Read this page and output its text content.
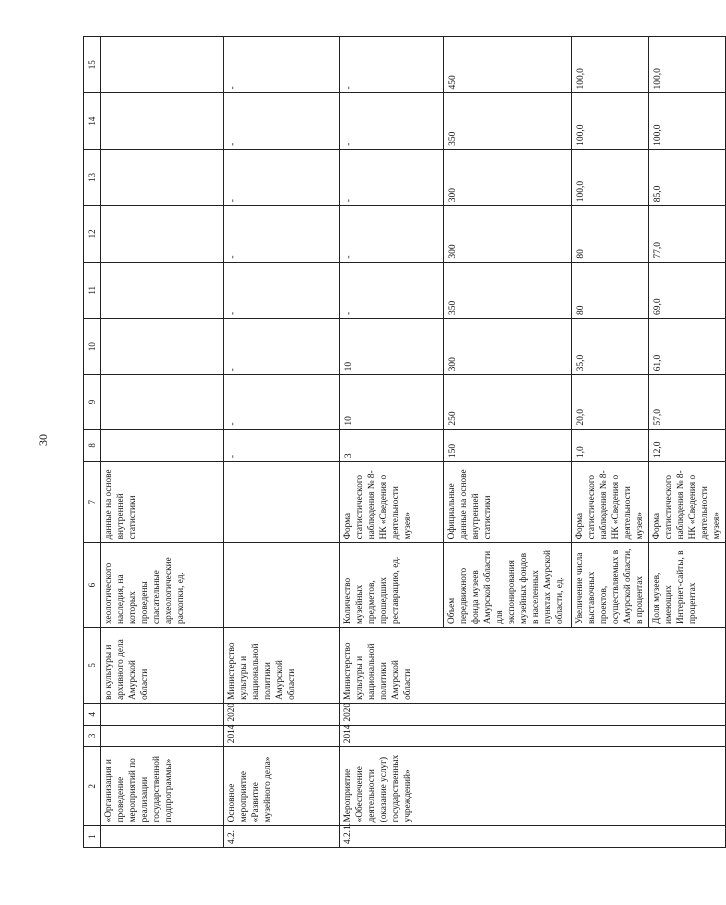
30
1	2	3	4	5	6	7	8	9	10	11	12	13	14	15
	«Организация и проведение мероприятий по реализации государственной подпрограммы»			во культуры и архивного дела Амурской области	хеологического наследия, на которых проведены спасательные археологические раскопки, ед.	данные на основе внутренней статистики								
4.2.	Основное мероприятие «Развитие музейного дела»	2014	2020	Министерство культуры и национальной политики Амурской области			-	-	-	-	-	-	-	-
4.2.1.	Мероприятие «Обеспечение деятельности (оказание услуг) государственных учреждений»	2014	2020	Министерство культуры и национальной политики Амурской области	Количество музейных предметов, прошедших реставрацию, ед.	Форма статистического наблюдения № 8-НК «Сведения о деятельности музея»	3	10	10	-	-	-	-	-
					Объем передвижного фонда музеев Амурской области для экспонирования музейных фондов в населенных пунктах Амурской области, ед.	Официальные данные на основе внутренней статистики	150	250	300	350	300	300	350	450
					Увеличение числа выставочных проектов, осуществляемых в Амурской области, в процентах	Форма статистического наблюдения № 8-НК «Сведения о деятельности музея»	1,0	20,0	35,0	80	80	100,0	100,0	100,0
					Доля музеев, имеющих Интернет-сайты, в процентах	Форма статистического наблюдения № 8-НК «Сведения о деятельности музея»	12,0	57,0	61,0	69,0	77,0	85,0	100,0	100,0
